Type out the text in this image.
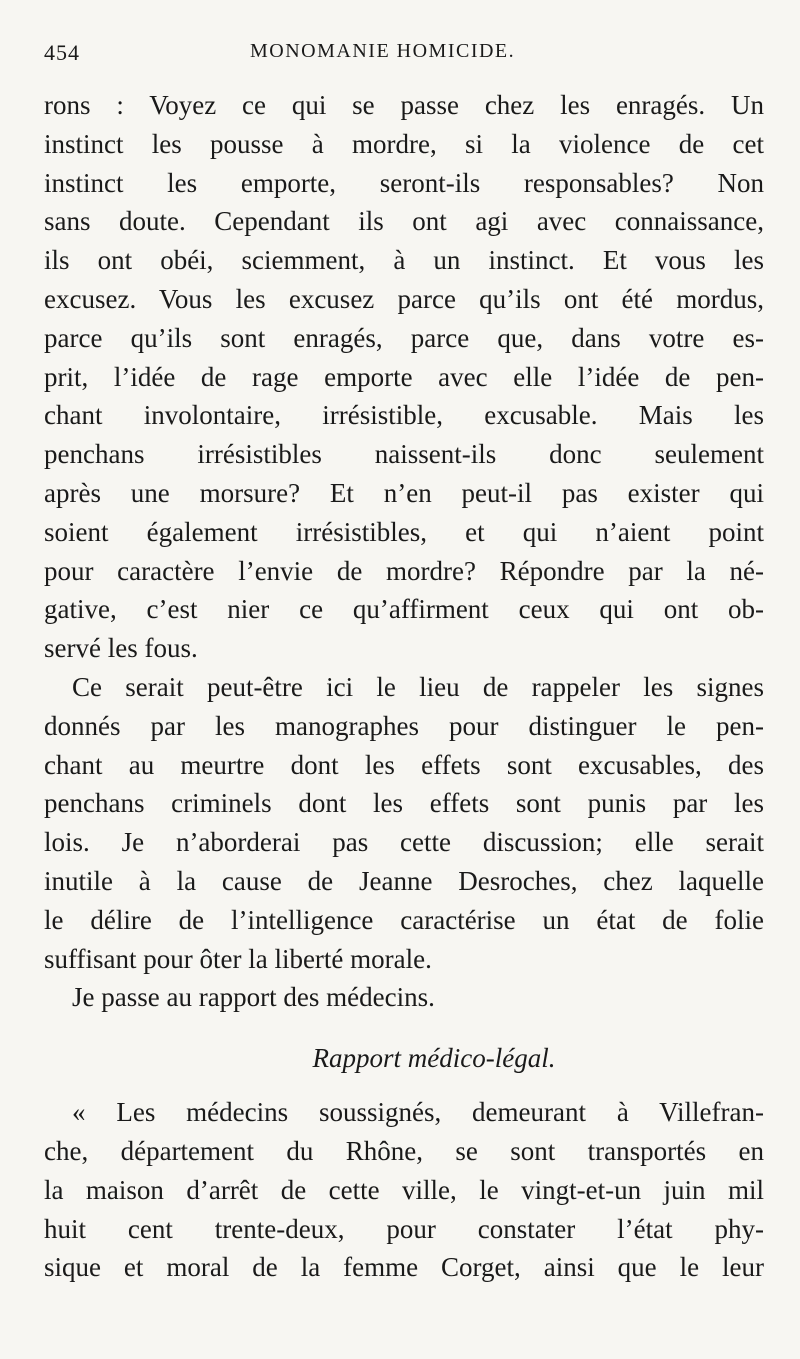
454	MONOMANIE HOMICIDE.
rons : Voyez ce qui se passe chez les enragés. Un
instinct les pousse à mordre, si la violence de cet
instinct les emporte, seront-ils responsables? Non
sans doute. Cependant ils ont agi avec connaissance,
ils ont obéi, sciemment, à un instinct. Et vous les
excusez. Vous les excusez parce qu’ils ont été mordus,
parce qu’ils sont enragés, parce que, dans votre es-
prit, l’idée de rage emporte avec elle l’idée de pen-
chant involontaire, irrésistible, excusable. Mais les
penchans irrésistibles naissent-ils donc seulement
après une morsure? Et n’en peut-il pas exister qui
soient également irrésistibles, et qui n’aient point
pour caractère l’envie de mordre? Répondre par la né-
gative, c’est nier ce qu’affirment ceux qui ont ob-
servé les fous.
Ce serait peut-être ici le lieu de rappeler les signes
donnés par les manographes pour distinguer le pen-
chant au meurtre dont les effets sont excusables, des
penchans criminels dont les effets sont punis par les
lois. Je n’aborderai pas cette discussion; elle serait
inutile à la cause de Jeanne Desroches, chez laquelle
le délire de l’intelligence caractérise un état de folie
suffisant pour ôter la liberté morale.
Je passe au rapport des médecins.
Rapport médico-légal.
« Les médecins soussignés, demeurant à Villefran-
che, département du Rhône, se sont transportés en
la maison d’arrêt de cette ville, le vingt-et-un juin mil
huit cent trente-deux, pour constater l’état phy-
sique et moral de la femme Corget, ainsi que le leur
